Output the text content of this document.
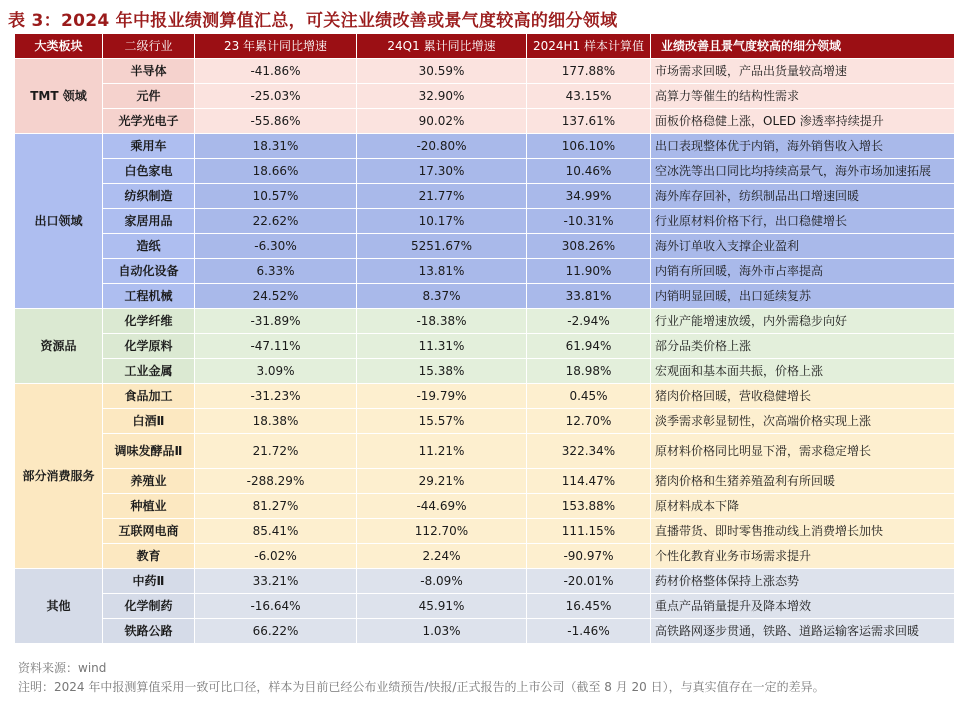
表 3：2024 年中报业绩测算值汇总，可关注业绩改善或景气度较高的细分领域
大类板块	二级行业	23 年累计同比增速	24Q1 累计同比增速	2024H1 样本计算值	业绩改善且景气度较高的细分领域
TMT 领域	半导体	-41.86%	30.59%	177.88%	市场需求回暖，产品出货量较高增速
	元件	-25.03%	32.90%	43.15%	高算力等催生的结构性需求
	光学光电子	-55.86%	90.02%	137.61%	面板价格稳健上涨，OLED 渗透率持续提升
出口领域	乘用车	18.31%	-20.80%	106.10%	出口表现整体优于内销，海外销售收入增长
	白色家电	18.66%	17.30%	10.46%	空冰洗等出口同比均持续高景气，海外市场加速拓展
	纺织制造	10.57%	21.77%	34.99%	海外库存回补，纺织制品出口增速回暖
	家居用品	22.62%	10.17%	-10.31%	行业原材料价格下行，出口稳健增长
	造纸	-6.30%	5251.67%	308.26%	海外订单收入支撑企业盈利
	自动化设备	6.33%	13.81%	11.90%	内销有所回暖，海外市占率提高
	工程机械	24.52%	8.37%	33.81%	内销明显回暖，出口延续复苏
资源品	化学纤维	-31.89%	-18.38%	-2.94%	行业产能增速放缓，内外需稳步向好
	化学原料	-47.11%	11.31%	61.94%	部分品类价格上涨
	工业金属	3.09%	15.38%	18.98%	宏观面和基本面共振，价格上涨
部分消费服务	食品加工	-31.23%	-19.79%	0.45%	猪肉价格回暖，营收稳健增长
	白酒Ⅱ	18.38%	15.57%	12.70%	淡季需求彰显韧性，次高端价格实现上涨
	调味发酵品Ⅱ	21.72%	11.21%	322.34%	原材料价格同比明显下滑，需求稳定增长
	养殖业	-288.29%	29.21%	114.47%	猪肉价格和生猪养殖盈利有所回暖
	种植业	81.27%	-44.69%	153.88%	原材料成本下降
	互联网电商	85.41%	112.70%	111.15%	直播带货、即时零售推动线上消费增长加快
	教育	-6.02%	2.24%	-90.97%	个性化教育业务市场需求提升
其他	中药Ⅱ	33.21%	-8.09%	-20.01%	药材价格整体保持上涨态势
	化学制药	-16.64%	45.91%	16.45%	重点产品销量提升及降本增效
	铁路公路	66.22%	1.03%	-1.46%	高铁路网逐步贯通，铁路、道路运输客运需求回暖
资料来源：wind
注明：2024 年中报测算值采用一致可比口径，样本为目前已经公布业绩预告/快报/正式报告的上市公司（截至 8 月 20 日），与真实值存在一定的差异。
